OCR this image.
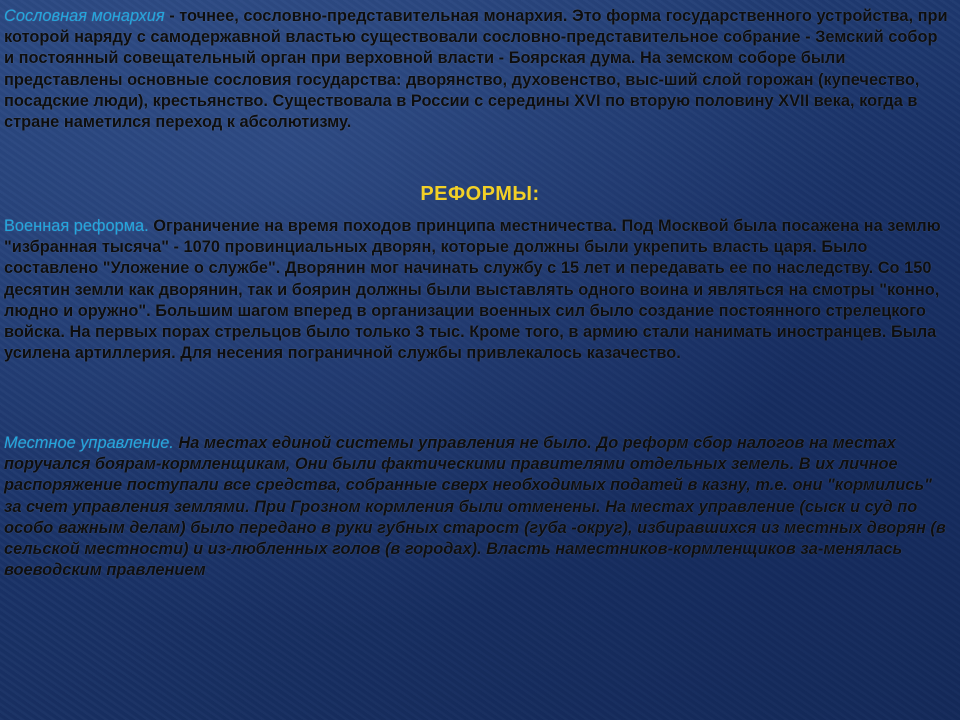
Сословная монархия - точнее, сословно-представительная монархия. Это форма государственного устройства, при которой наряду с самодержавной властью существовали сословно-представительное собрание - Земский собор и постоянный совещательный орган при верховной власти - Боярская дума. На земском соборе были представлены основные сословия государства: дворянство, духовенство, выс-ший слой горожан (купечество, посадские люди), крестьянство. Существовала в России с середины XVI по вторую половину XVII века, когда в стране наметился переход к абсолютизму.

РЕФОРМЫ:

Военная реформа. Ограничение на время походов принципа местничества. Под Москвой была посажена на землю "избранная тысяча" - 1070 провинциальных дворян, которые должны были укрепить власть царя. Было составлено "Уложение о службе". Дворянин мог начинать службу с 15 лет и передавать ее по наследству. Со 150 десятин земли как дворянин, так и боярин должны были выставлять одного воина и являться на смотры "конно, людно и оружно". Большим шагом вперед в организации военных сил было создание постоянного стрелецкого войска. На первых порах стрельцов было только 3 тыс. Кроме того, в армию стали нанимать иностранцев. Была усилена артиллерия. Для несения пограничной службы привлекалось казачество.

Местное управление. На местах единой системы управления не было. До реформ сбор налогов на местах поручался боярам-кормленщикам, Они были фактическими правителями отдельных земель. В их личное распоряжение поступали все средства, собранные сверх необходимых податей в казну, т.е. они "кормились" за счет управления землями. При Грозном кормления были отменены. На местах управление (сыск и суд по особо важным делам) было передано в руки губных старост (губа -округ), избиравшихся из местных дворян (в сельской местности) и из-любленных голов (в городах). Власть наместников-кормленщиков за-менялась воеводским правлением
